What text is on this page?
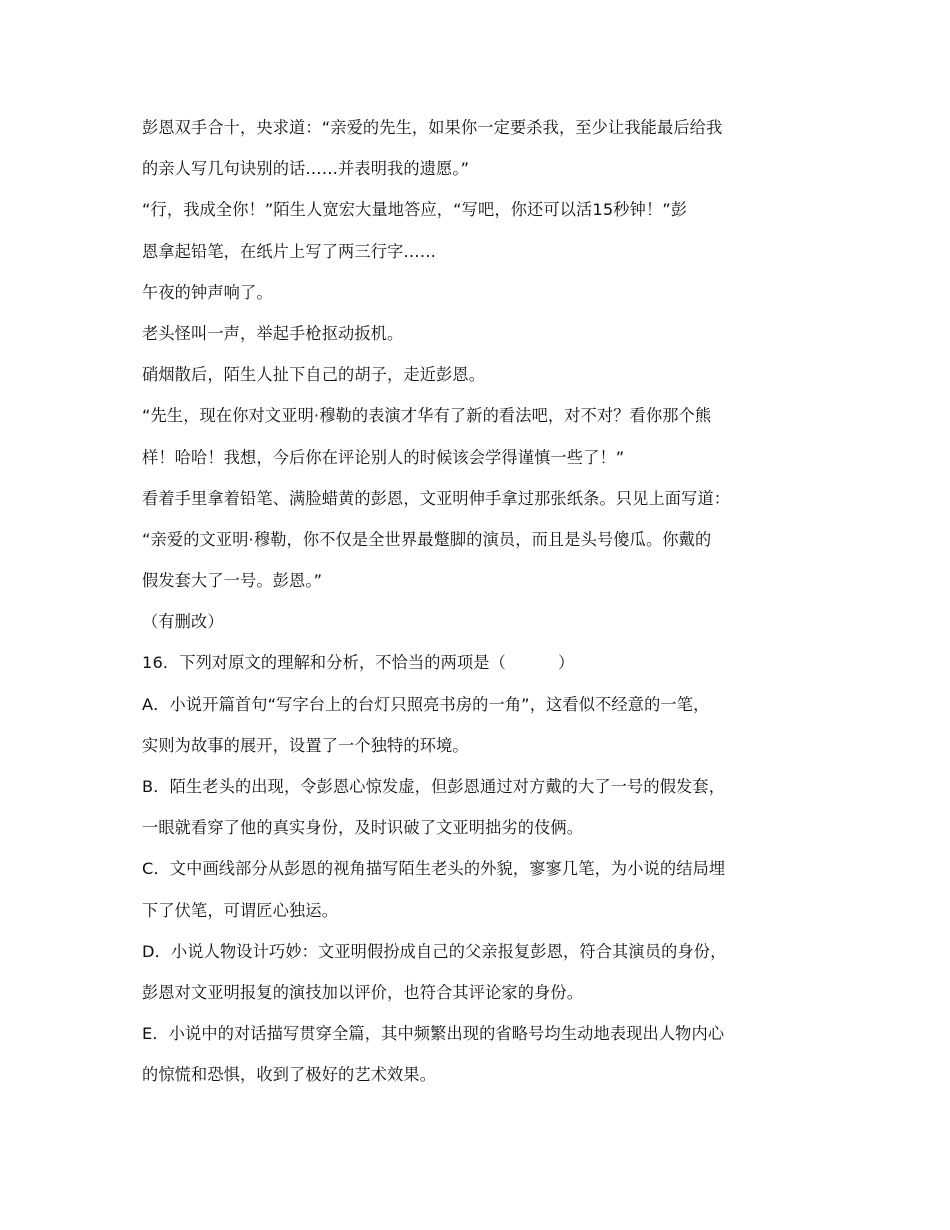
彭恩双手合十，央求道：“亲爱的先生，如果你一定要杀我，至少让我能最后给我
的亲人写几句诀别的话……并表明我的遗愿。”
“行，我成全你！”陌生人宽宏大量地答应，“写吧，你还可以活15秒钟！”彭
恩拿起铅笔，在纸片上写了两三行字……
午夜的钟声响了。
老头怪叫一声，举起手枪抠动扳机。
硝烟散后，陌生人扯下自己的胡子，走近彭恩。
“先生，现在你对文亚明·穆勒的表演才华有了新的看法吧，对不对？看你那个熊
样！哈哈！我想，今后你在评论别人的时候该会学得谨慎一些了！”
看着手里拿着铅笔、满脸蜡黄的彭恩，文亚明伸手拿过那张纸条。只见上面写道：
“亲爱的文亚明·穆勒，你不仅是全世界最蹩脚的演员，而且是头号傻瓜。你戴的
假发套大了一号。彭恩。”
（有删改）
16．下列对原文的理解和分析，不恰当的两项是（	）
A．小说开篇首句“写字台上的台灯只照亮书房的一角”，这看似不经意的一笔，
实则为故事的展开，设置了一个独特的环境。
B．陌生老头的出现，令彭恩心惊发虚，但彭恩通过对方戴的大了一号的假发套，
一眼就看穿了他的真实身份，及时识破了文亚明拙劣的伎俩。
C．文中画线部分从彭恩的视角描写陌生老头的外貌，寥寥几笔，为小说的结局埋
下了伏笔，可谓匠心独运。
D．小说人物设计巧妙：文亚明假扮成自己的父亲报复彭恩，符合其演员的身份，
彭恩对文亚明报复的演技加以评价，也符合其评论家的身份。
E．小说中的对话描写贯穿全篇，其中频繁出现的省略号均生动地表现出人物内心
的惊慌和恐惧，收到了极好的艺术效果。
